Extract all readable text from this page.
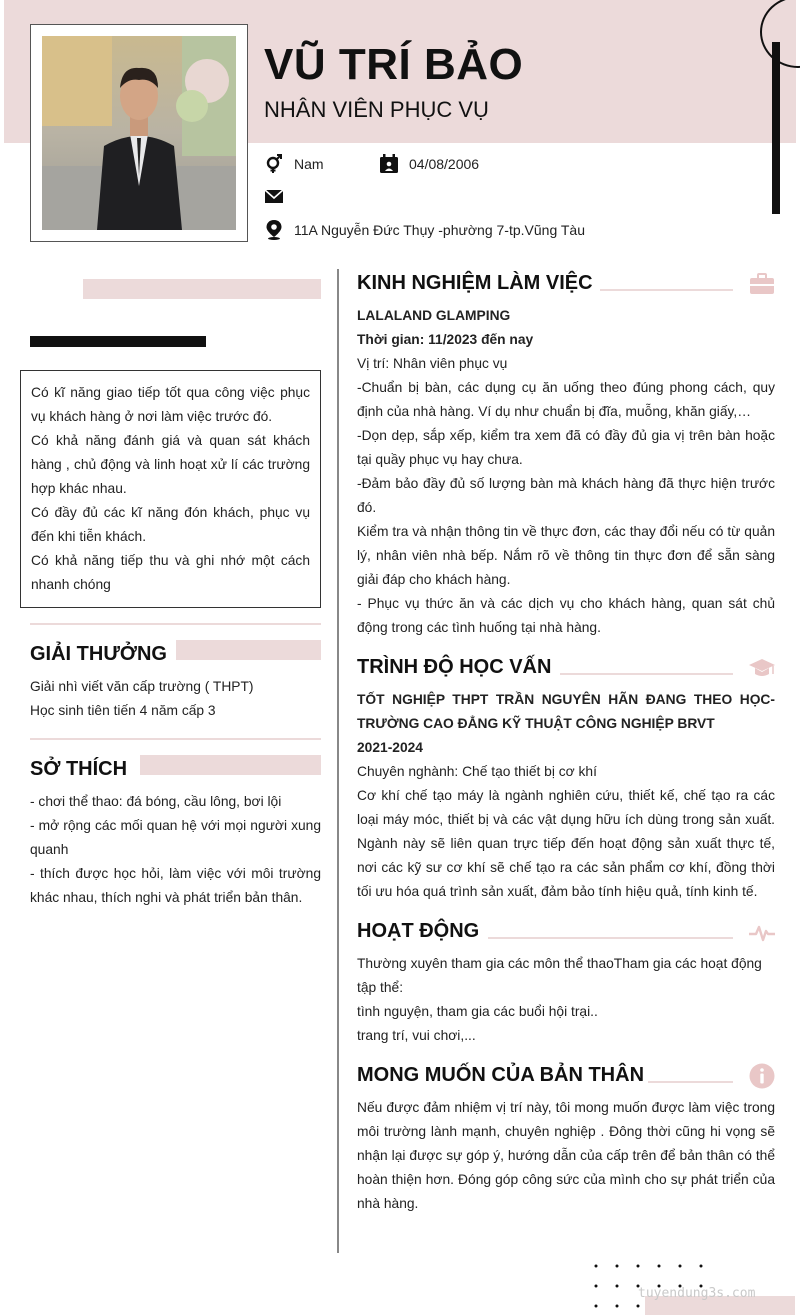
VŨ TRÍ BẢO
NHÂN VIÊN PHỤC VỤ
Nam	04/08/2006
11A Nguyễn Đức Thụy -phường 7-tp.Vũng Tàu

Có kĩ năng giao tiếp tốt qua công việc phục vụ khách hàng ở nơi làm việc trước đó.

Có khả năng đánh giá và quan sát khách hàng , chủ động và linh hoạt xử lí các trường hợp khác nhau.

Có đầy đủ các kĩ năng đón khách, phục vụ đến khi tiễn khách.

Có khả năng tiếp thu và ghi nhớ một cách nhanh chóng

GIẢI THƯỞNG

Giải nhì viết văn cấp trường ( THPT)

Học sinh tiên tiến 4 năm cấp 3

SỞ THÍCH

- chơi thể thao: đá bóng, cầu lông, bơi lội

- mở rộng các mối quan hệ với mọi người xung quanh

- thích được học hỏi, làm việc với môi trường khác nhau, thích nghi và phát triển bản thân.

KINH NGHIỆM LÀM VIỆC

LALALAND GLAMPING

Thời gian: 11/2023 đến nay

Vị trí: Nhân viên phục vụ

-Chuẩn bị bàn, các dụng cụ ăn uống theo đúng phong cách, quy định của nhà hàng. Ví dụ như chuẩn bị đĩa, muỗng, khăn giấy,…

-Dọn dẹp, sắp xếp, kiểm tra xem đã có đầy đủ gia vị trên bàn hoặc tại quầy phục vụ hay chưa.

-Đảm bảo đầy đủ số lượng bàn mà khách hàng đã thực hiện trước đó.

Kiểm tra và nhận thông tin về thực đơn, các thay đổi nếu có từ quản lý, nhân viên nhà bếp. Nắm rõ về thông tin thực đơn để sẵn sàng giải đáp cho khách hàng.

- Phục vụ thức ăn và các dịch vụ cho khách hàng, quan sát chủ động trong các tình huống tại nhà hàng.

TRÌNH ĐỘ HỌC VẤN

TỐT NGHIỆP THPT TRẦN NGUYÊN HÃN ĐANG THEO HỌC- TRƯỜNG CAO ĐẲNG KỸ THUẬT CÔNG NGHIỆP BRVT

2021-2024

Chuyên nghành: Chế tạo thiết bị cơ khí

Cơ khí chế tạo máy là ngành nghiên cứu, thiết kế, chế tạo ra các loại máy móc, thiết bị và các vật dụng hữu ích dùng trong sản xuất. Ngành này sẽ liên quan trực tiếp đến hoạt động sản xuất thực tế, nơi các kỹ sư cơ khí sẽ chế tạo ra các sản phẩm cơ khí, đồng thời tối ưu hóa quá trình sản xuất, đảm bảo tính hiệu quả, tính kinh tế.

HOẠT ĐỘNG

Thường xuyên tham gia các môn thể thaoTham gia các hoạt động tập thể:

tình nguyện, tham gia các buổi hội trại..

trang trí, vui chơi,...

MONG MUỐN CỦA BẢN THÂN

Nếu được đảm nhiệm vị trí này, tôi mong muốn được làm việc trong môi trường lành mạnh, chuyên nghiệp . Đông thời cũng hi vọng sẽ nhận lại được sự góp ý, hướng dẫn của cấp trên để bản thân có thể hoàn thiện hơn. Đóng góp công sức của mình cho sự phát triển của nhà hàng.

tuyendung3s.com
